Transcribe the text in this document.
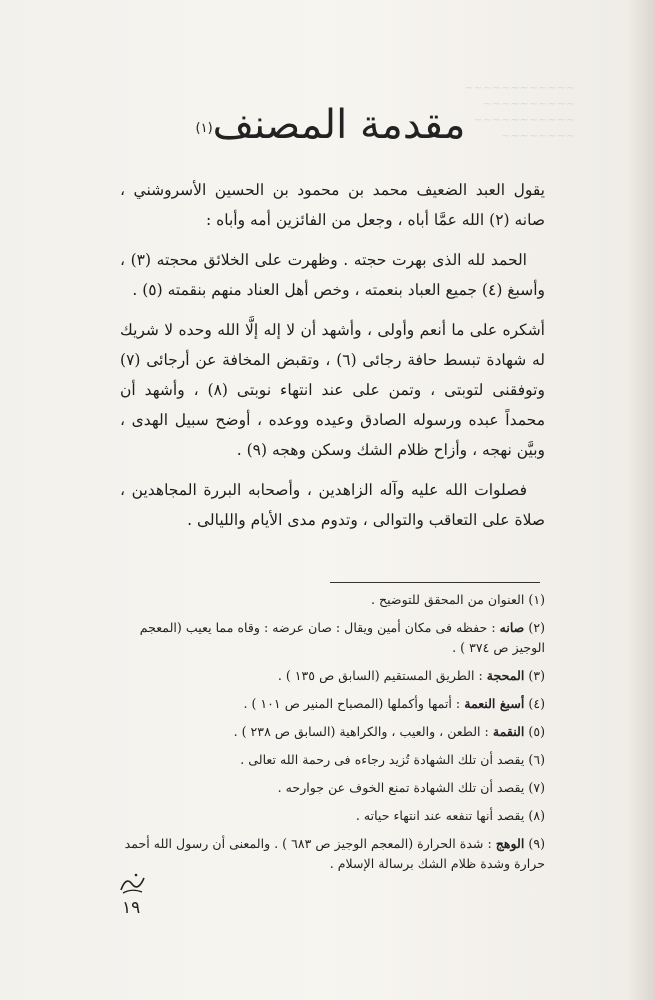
~~~~~~~~~~~~
~~~~~~~~~~
~~~~~~~~~~~
~~~~~~~~
مقدمة المصنف$^{(١)}$

يقول العبد الضعيف محمد بن محمود بن الحسين الأسروشني ، صانه (٢) الله عمَّا أباه ، وجعل من الفائزين أمه وأباه :

الحمد لله الذى بهرت حجته . وظهرت على الخلائق محجته (٣) ، وأسبغ (٤) جميع العباد بنعمته ، وخص أهل العناد منهم بنقمته (٥) .

أشكره على ما أنعم وأولى ، وأشهد أن لا إله إلَّا الله وحده لا شريك له شهادة تبسط حافة رجائى (٦) ، وتقبض المخافة عن أرجائى (٧) وتوفقنى لتوبتى ، وتمن على عند انتهاء نوبتى (٨) ، وأشهد أن محمداً عبده ورسوله الصادق وعيده ووعده ، أوضح سبيل الهدى ، وبيَّن نهجه ، وأزاح ظلام الشك وسكن وهجه (٩) .

فصلوات الله عليه وآله الزاهدين ، وأصحابه البررة المجاهدين ، صلاة على التعاقب والتوالى ، وتدوم مدى الأيام والليالى .

(١) العنوان من المحقق للتوضيح .
(٢) صانه : حفظه فى مكان أمين ويقال : صان عرضه : وقاه مما يعيب (المعجم الوجيز ص ٣٧٤ ) .
(٣) المحجة : الطريق المستقيم (السابق ص ١٣٥ ) .
(٤) أسبغ النعمة : أتمها وأكملها (المصباح المنير ص ١٠١ ) .
(٥) النقمة : الطعن ، والعيب ، والكراهية (السابق ص ٢٣٨ ) .
(٦) يقصد أن تلك الشهادة تُزيد رجاءه فى رحمة الله تعالى .
(٧) يقصد أن تلك الشهادة تمنع الخوف عن جوارحه .
(٨) يقصد أنها تنفعه عند انتهاء حياته .
(٩) الوهج : شدة الحرارة (المعجم الوجيز ص ٦٨٣ ) . والمعنى أن رسول الله أحمد حرارة وشدة ظلام الشك برسالة الإسلام .
١٩
